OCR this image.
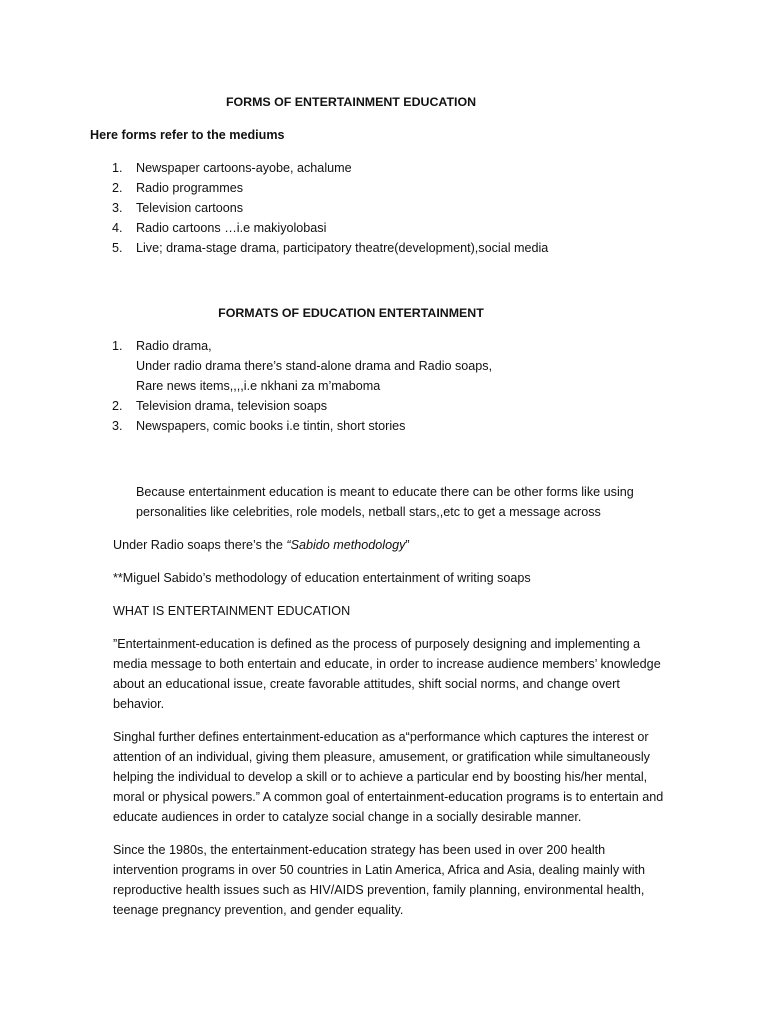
FORMS OF ENTERTAINMENT EDUCATION
Here forms refer to the mediums
1. Newspaper cartoons-ayobe, achalume
2. Radio programmes
3. Television cartoons
4. Radio cartoons …i.e makiyolobasi
5. Live; drama-stage drama, participatory theatre(development),social media
FORMATS OF EDUCATION ENTERTAINMENT
1. Radio drama,
Under radio drama there’s stand-alone drama and Radio soaps,
Rare news items,,,,i.e nkhani za m’maboma
2. Television drama, television soaps
3. Newspapers, comic books i.e tintin, short stories
Because entertainment education is meant to educate there can be other forms like using
personalities like celebrities, role models, netball stars,,etc to get a message across
Under Radio soaps there’s the “Sabido methodology”
**Miguel Sabido’s methodology of education entertainment of writing soaps
WHAT IS ENTERTAINMENT EDUCATION
”Entertainment-education is defined as the process of purposely designing and implementing a
media message to both entertain and educate, in order to increase audience members’ knowledge
about an educational issue, create favorable attitudes, shift social norms, and change overt
behavior.
Singhal further defines entertainment-education as a“performance which captures the interest or
attention of an individual, giving them pleasure, amusement, or gratification while simultaneously
helping the individual to develop a skill or to achieve a particular end by boosting his/her mental,
moral or physical powers.” A common goal of entertainment-education programs is to entertain and
educate audiences in order to catalyze social change in a socially desirable manner.
Since the 1980s, the entertainment-education strategy has been used in over 200 health
intervention programs in over 50 countries in Latin America, Africa and Asia, dealing mainly with
reproductive health issues such as HIV/AIDS prevention, family planning, environmental health,
teenage pregnancy prevention, and gender equality.
